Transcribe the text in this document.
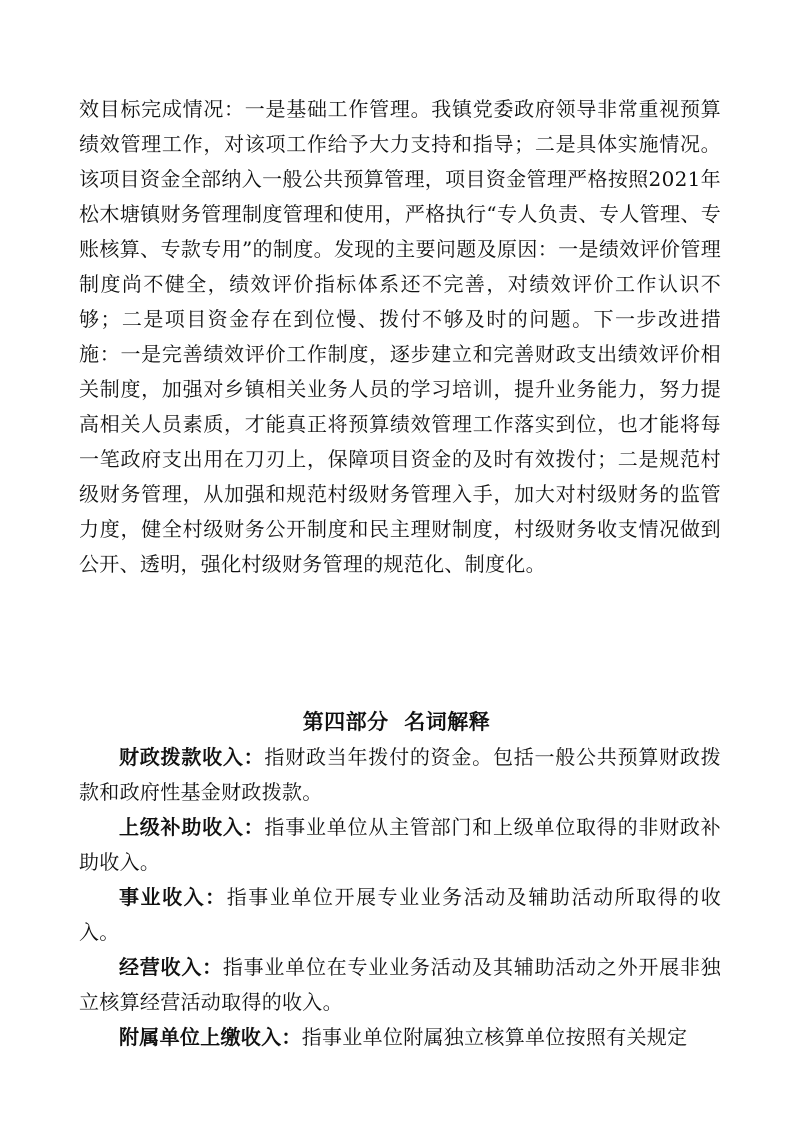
效目标完成情况：一是基础工作管理。我镇党委政府领导非常重视预算绩效管理工作，对该项工作给予大力支持和指导；二是具体实施情况。该项目资金全部纳入一般公共预算管理，项目资金管理严格按照2021年松木塘镇财务管理制度管理和使用，严格执行“专人负责、专人管理、专账核算、专款专用”的制度。发现的主要问题及原因：一是绩效评价管理制度尚不健全，绩效评价指标体系还不完善，对绩效评价工作认识不够；二是项目资金存在到位慢、拨付不够及时的问题。下一步改进措施：一是完善绩效评价工作制度，逐步建立和完善财政支出绩效评价相关制度，加强对乡镇相关业务人员的学习培训，提升业务能力，努力提高相关人员素质，才能真正将预算绩效管理工作落实到位，也才能将每一笔政府支出用在刀刃上，保障项目资金的及时有效拨付；二是规范村级财务管理，从加强和规范村级财务管理入手，加大对村级财务的监管力度，健全村级财务公开制度和民主理财制度，村级财务收支情况做到公开、透明，强化村级财务管理的规范化、制度化。

第四部分  名词解释

财政拨款收入：指财政当年拨付的资金。包括一般公共预算财政拨款和政府性基金财政拨款。

上级补助收入：指事业单位从主管部门和上级单位取得的非财政补助收入。

事业收入：指事业单位开展专业业务活动及辅助活动所取得的收入。

经营收入：指事业单位在专业业务活动及其辅助活动之外开展非独立核算经营活动取得的收入。

附属单位上缴收入：指事业单位附属独立核算单位按照有关规定
